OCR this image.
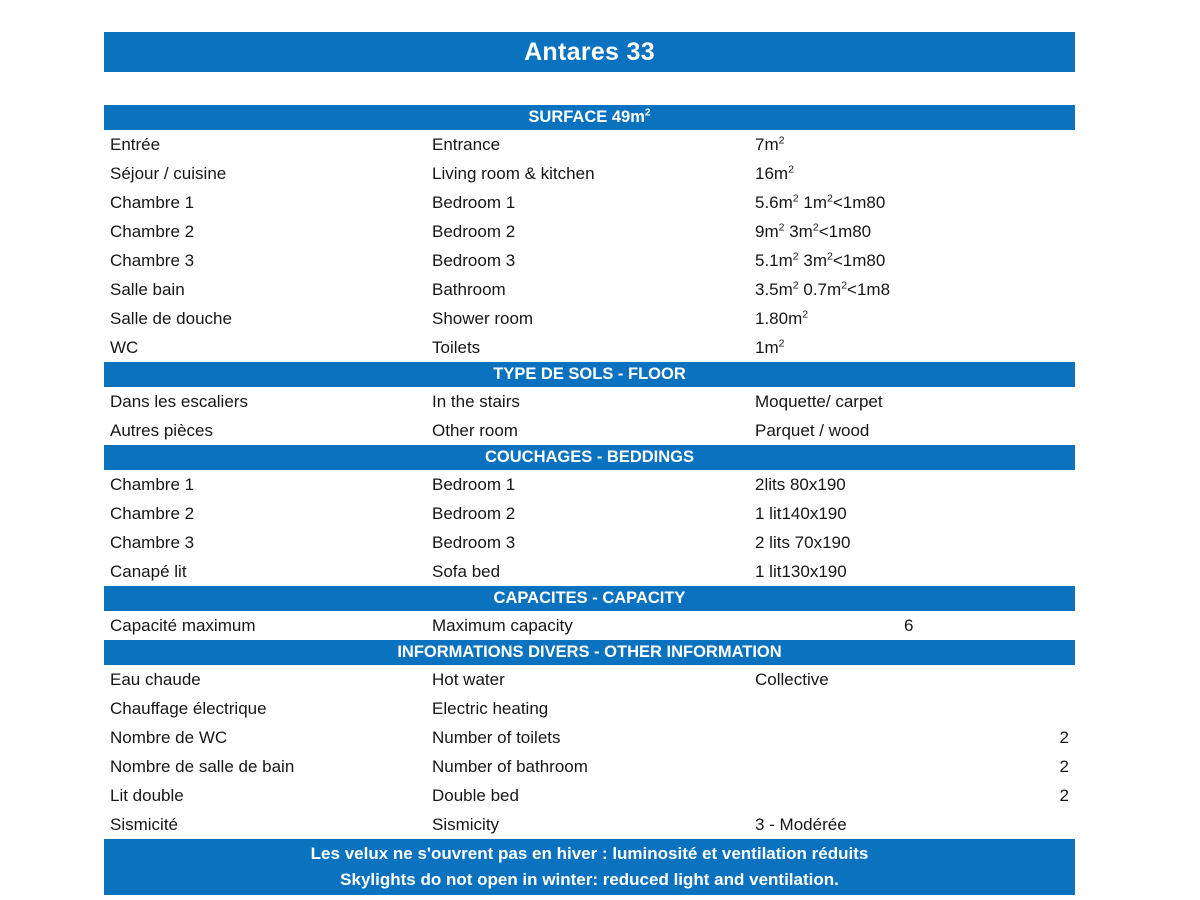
Antares 33
SURFACE $49m^2$
Entrée	Entrance	$7m^2$
Séjour / cuisine	Living room & kitchen	$16m^2$
Chambre 1	Bedroom 1	$5.6m^2$ $1m^2<1m80$
Chambre 2	Bedroom 2	$9m^2$ $3m^2<1m80$
Chambre 3	Bedroom 3	$5.1m^2$ $3m^2<1m80$
Salle bain	Bathroom	$3.5m^2$ $0.7m^2<1m8$
Salle de douche	Shower room	$1.80m^2$
WC	Toilets	$1m^2$
TYPE DE SOLS - FLOOR
Dans les escaliers	In the stairs	Moquette/ carpet
Autres pièces	Other room	Parquet / wood
COUCHAGES - BEDDINGS
Chambre 1	Bedroom 1	2lits 80x190
Chambre 2	Bedroom 2	1 lit140x190
Chambre 3	Bedroom 3	2 lits 70x190
Canapé lit	Sofa bed	1 lit130x190
CAPACITES - CAPACITY
Capacité maximum	Maximum capacity	6
INFORMATIONS DIVERS - OTHER INFORMATION
Eau chaude	Hot water	Collective
Chauffage électrique	Electric heating
Nombre de WC	Number of toilets	2
Nombre de salle de bain	Number of bathroom	2
Lit double	Double bed	2
Sismicité	Sismicity	3 - Modérée
Les velux ne s'ouvrent pas en hiver : luminosité et ventilation réduits
Skylights do not open in winter: reduced light and ventilation.
